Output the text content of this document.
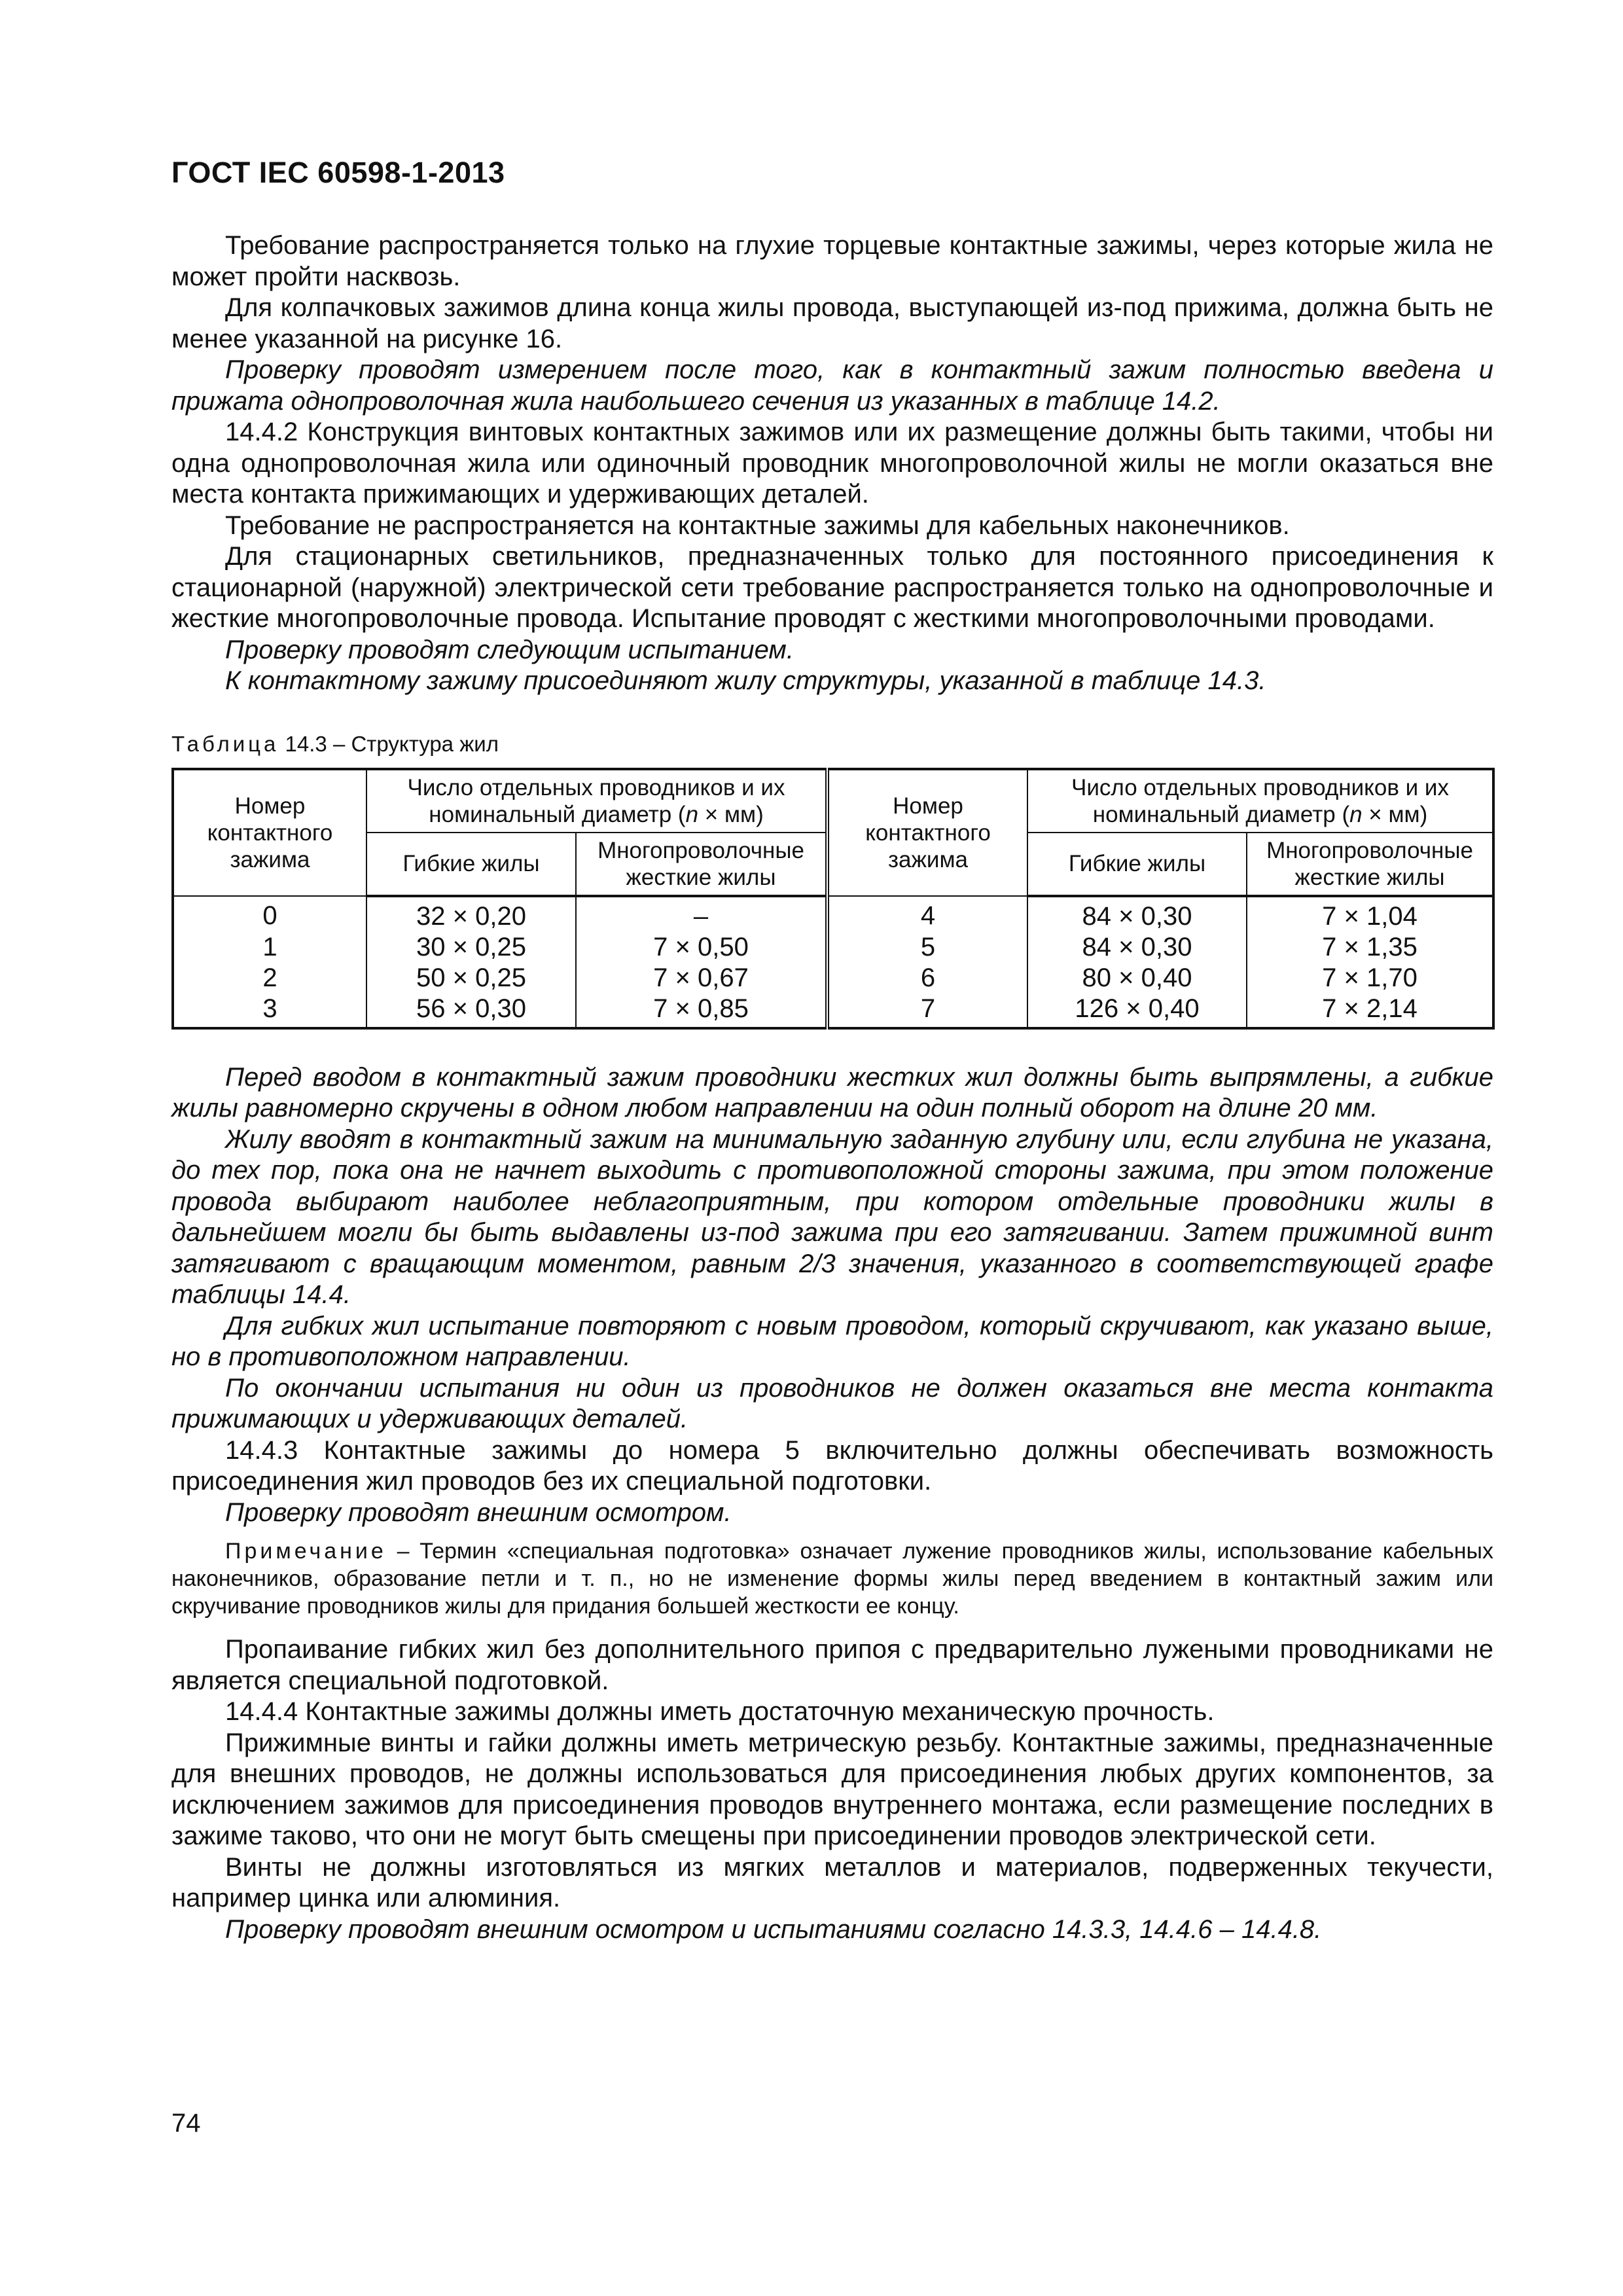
ГОСТ IEC 60598-1-2013

Требование распространяется только на глухие торцевые контактные зажимы, через которые жила не может пройти насквозь.

Для колпачковых зажимов длина конца жилы провода, выступающей из-под прижима, должна быть не менее указанной на рисунке 16.

Проверку проводят измерением после того, как в контактный зажим полностью введена и прижата однопроволочная жила наибольшего сечения из указанных в таблице 14.2.

14.4.2 Конструкция винтовых контактных зажимов или их размещение должны быть такими, чтобы ни одна однопроволочная жила или одиночный проводник многопроволочной жилы не могли оказаться вне места контакта прижимающих и удерживающих деталей.

Требование не распространяется на контактные зажимы для кабельных наконечников.

Для стационарных светильников, предназначенных только для постоянного присоединения к стационарной (наружной) электрической сети требование распространяется только на однопроволочные и жесткие многопроволочные провода. Испытание проводят с жесткими многопроволочными проводами.

Проверку проводят следующим испытанием.

К контактному зажиму присоединяют жилу структуры, указанной в таблице 14.3.

Таблица 14.3 – Структура жил
Номер контактного зажима	Число отдельных проводников и их номинальный диаметр (n × мм)		Номер контактного зажима	Число отдельных проводников и их номинальный диаметр (n × мм)	
	Гибкие жилы	Многопроволочные жесткие жилы		Гибкие жилы	Многопроволочные жесткие жилы
0	32 × 0,20	–	4	84 × 0,30	7 × 1,04
1	30 × 0,25	7 × 0,50	5	84 × 0,30	7 × 1,35
2	50 × 0,25	7 × 0,67	6	80 × 0,40	7 × 1,70
3	56 × 0,30	7 × 0,85	7	126 × 0,40	7 × 2,14

Перед вводом в контактный зажим проводники жестких жил должны быть выпрямлены, а гибкие жилы равномерно скручены в одном любом направлении на один полный оборот на длине 20 мм.

Жилу вводят в контактный зажим на минимальную заданную глубину или, если глубина не указана, до тех пор, пока она не начнет выходить с противоположной стороны зажима, при этом положение провода выбирают наиболее неблагоприятным, при котором отдельные проводники жилы в дальнейшем могли бы быть выдавлены из-под зажима при его затягивании. Затем прижимной винт затягивают с вращающим моментом, равным 2/3 значения, указанного в соответствующей графе таблицы 14.4.

Для гибких жил испытание повторяют с новым проводом, который скручивают, как указано выше, но в противоположном направлении.

По окончании испытания ни один из проводников не должен оказаться вне места контакта прижимающих и удерживающих деталей.

14.4.3 Контактные зажимы до номера 5 включительно должны обеспечивать возможность присоединения жил проводов без их специальной подготовки.

Проверку проводят внешним осмотром.

Примечание – Термин «специальная подготовка» означает лужение проводников жилы, использование кабельных наконечников, образование петли и т. п., но не изменение формы жилы перед введением в контактный зажим или скручивание проводников жилы для придания большей жесткости ее концу.

Пропаивание гибких жил без дополнительного припоя с предварительно лужеными проводниками не является специальной подготовкой.

14.4.4 Контактные зажимы должны иметь достаточную механическую прочность.

Прижимные винты и гайки должны иметь метрическую резьбу. Контактные зажимы, предназначенные для внешних проводов, не должны использоваться для присоединения любых других компонентов, за исключением зажимов для присоединения проводов внутреннего монтажа, если размещение последних в зажиме таково, что они не могут быть смещены при присоединении проводов электрической сети.

Винты не должны изготовляться из мягких металлов и материалов, подверженных текучести, например цинка или алюминия.

Проверку проводят внешним осмотром и испытаниями согласно 14.3.3, 14.4.6 – 14.4.8.

74
